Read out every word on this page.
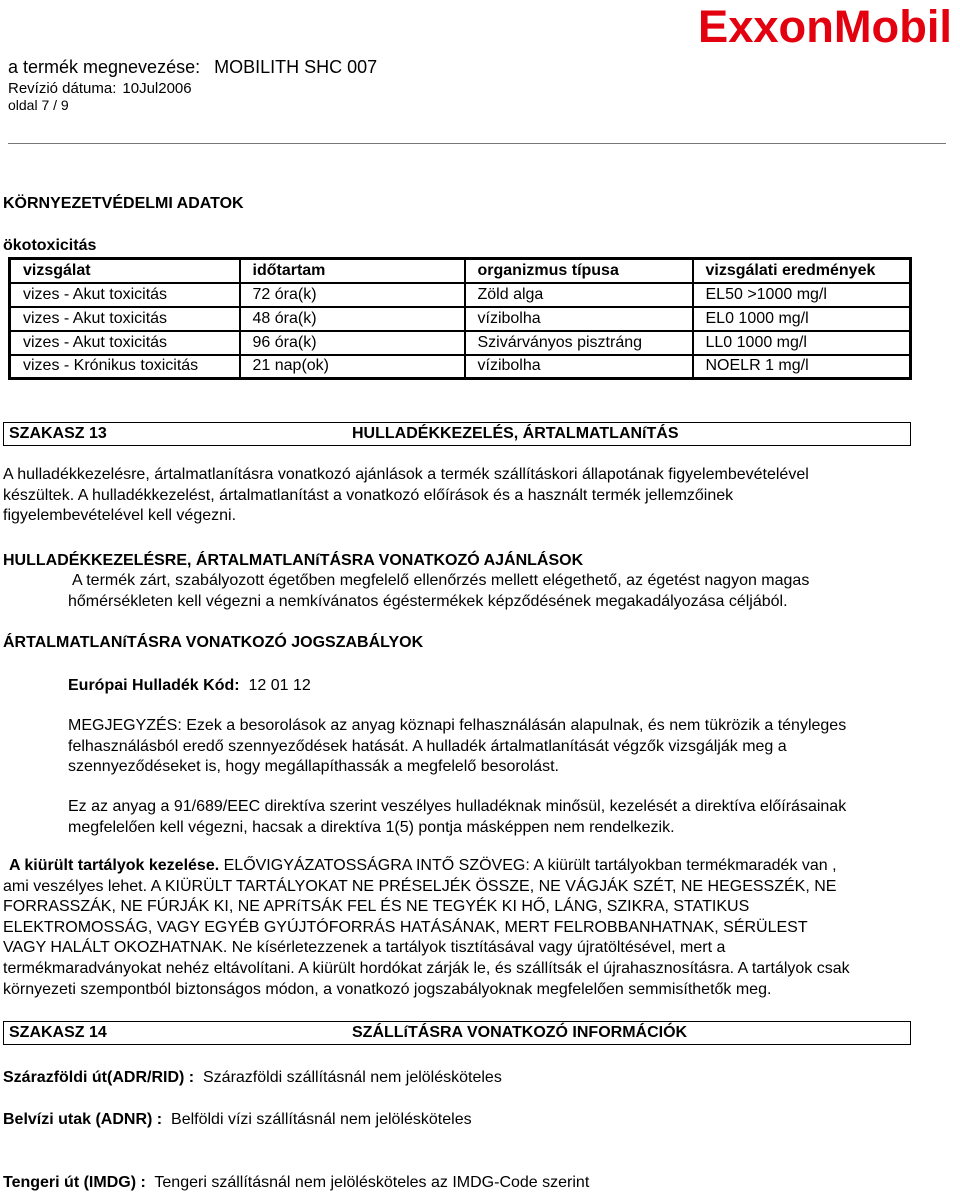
ExxonMobil
a termék megnevezése: MOBILITH SHC 007
Revízió dátuma: 10Jul2006
oldal 7 / 9
KÖRNYEZETVÉDELMI ADATOK
ökotoxicitás
vizsgálat	időtartam	organizmus típusa	vizsgálati eredmények
vizes - Akut toxicitás	72 óra(k)	Zöld alga	EL50 >1000 mg/l
vizes - Akut toxicitás	48 óra(k)	vízibolha	EL0 1000 mg/l
vizes - Akut toxicitás	96 óra(k)	Szivárványos pisztráng	LL0 1000 mg/l
vizes - Krónikus toxicitás	21 nap(ok)	vízibolha	NOELR 1 mg/l
SZAKASZ 13	HULLADÉKKEZELÉS, ÁRTALMATLANíTÁS
A hulladékkezelésre, ártalmatlanításra vonatkozó ajánlások a termék szállításkori állapotának figyelembevételével
készültek. A hulladékkezelést, ártalmatlanítást a vonatkozó előírások és a használt termék jellemzőinek
figyelembevételével kell végezni.
HULLADÉKKEZELÉSRE, ÁRTALMATLANíTÁSRA VONATKOZÓ AJÁNLÁSOK
A termék zárt, szabályozott égetőben megfelelő ellenőrzés mellett elégethető, az égetést nagyon magas
hőmérsékleten kell végezni a nemkívánatos égéstermékek képződésének megakadályozása céljából.
ÁRTALMATLANíTÁSRA VONATKOZÓ JOGSZABÁLYOK
Európai Hulladék Kód: 12 01 12
MEGJEGYZÉS: Ezek a besorolások az anyag köznapi felhasználásán alapulnak, és nem tükrözik a tényleges
felhasználásból eredő szennyeződések hatását. A hulladék ártalmatlanítását végzők vizsgálják meg a
szennyeződéseket is, hogy megállapíthassák a megfelelő besorolást.
Ez az anyag a 91/689/EEC direktíva szerint veszélyes hulladéknak minősül, kezelését a direktíva előírásainak
megfelelően kell végezni, hacsak a direktíva 1(5) pontja másképpen nem rendelkezik.
A kiürült tartályok kezelése. ELŐVIGYÁZATOSSÁGRA INTŐ SZÖVEG: A kiürült tartályokban termékmaradék van ,
ami veszélyes lehet. A KIÜRÜLT TARTÁLYOKAT NE PRÉSELJÉK ÖSSZE, NE VÁGJÁK SZÉT, NE HEGESSZÉK, NE
FORRASSZÁK, NE FÚRJÁK KI, NE APRíTSÁK FEL ÉS NE TEGYÉK KI HŐ, LÁNG, SZIKRA, STATIKUS
ELEKTROMOSSÁG, VAGY EGYÉB GYÚJTÓFORRÁS HATÁSÁNAK, MERT FELROBBANHATNAK, SÉRÜLEST
VAGY HALÁLT OKOZHATNAK. Ne kísérletezzenek a tartályok tisztításával vagy újratöltésével, mert a
termékmaradványokat nehéz eltávolítani. A kiürült hordókat zárják le, és szállítsák el újrahasznosításra. A tartályok csak
környezeti szempontból biztonságos módon, a vonatkozó jogszabályoknak megfelelően semmisíthetők meg.
SZAKASZ 14	SZÁLLíTÁSRA VONATKOZÓ INFORMÁCIÓK
Szárazföldi út(ADR/RID) : Szárazföldi szállításnál nem jelölésköteles
Belvízi utak (ADNR) : Belföldi vízi szállításnál nem jelölésköteles
Tengeri út (IMDG) : Tengeri szállításnál nem jelölésköteles az IMDG-Code szerint
